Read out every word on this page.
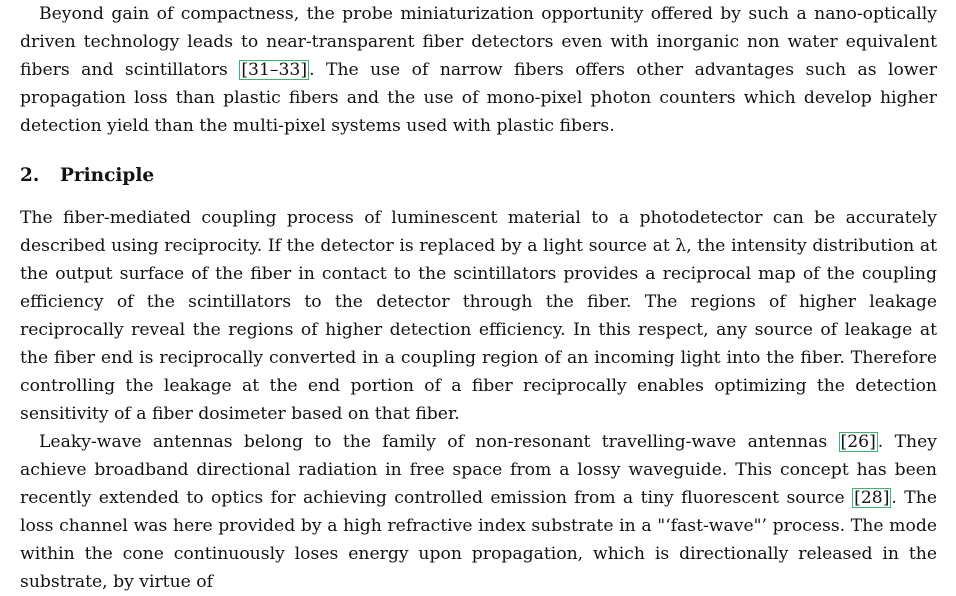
Beyond gain of compactness, the probe miniaturization opportunity offered by such a nano-optically driven technology leads to near-transparent fiber detectors even with inorganic non water equivalent fibers and scintillators [31–33] . The use of narrow fibers offers other advantages such as lower propagation loss than plastic fibers and the use of mono-pixel photon counters which develop higher detection yield than the multi-pixel systems used with plastic fibers.

2. Principle

The fiber-mediated coupling process of luminescent material to a photodetector can be accurately described using reciprocity. If the detector is replaced by a light source at λ, the intensity distribution at the output surface of the fiber in contact to the scintillators provides a reciprocal map of the coupling efficiency of the scintillators to the detector through the fiber. The regions of higher leakage reciprocally reveal the regions of higher detection efficiency. In this respect, any source of leakage at the fiber end is reciprocally converted in a coupling region of an incoming light into the fiber. Therefore controlling the leakage at the end portion of a fiber reciprocally enables optimizing the detection sensitivity of a fiber dosimeter based on that fiber.

Leaky-wave antennas belong to the family of non-resonant travelling-wave antennas [26] . They achieve broadband directional radiation in free space from a lossy waveguide. This concept has been recently extended to optics for achieving controlled emission from a tiny fluorescent source [28] . The loss channel was here provided by a high refractive index substrate in a "‘fast-wave"’ process. The mode within the cone continuously loses energy upon propagation, which is directionally released in the substrate, by virtue of
